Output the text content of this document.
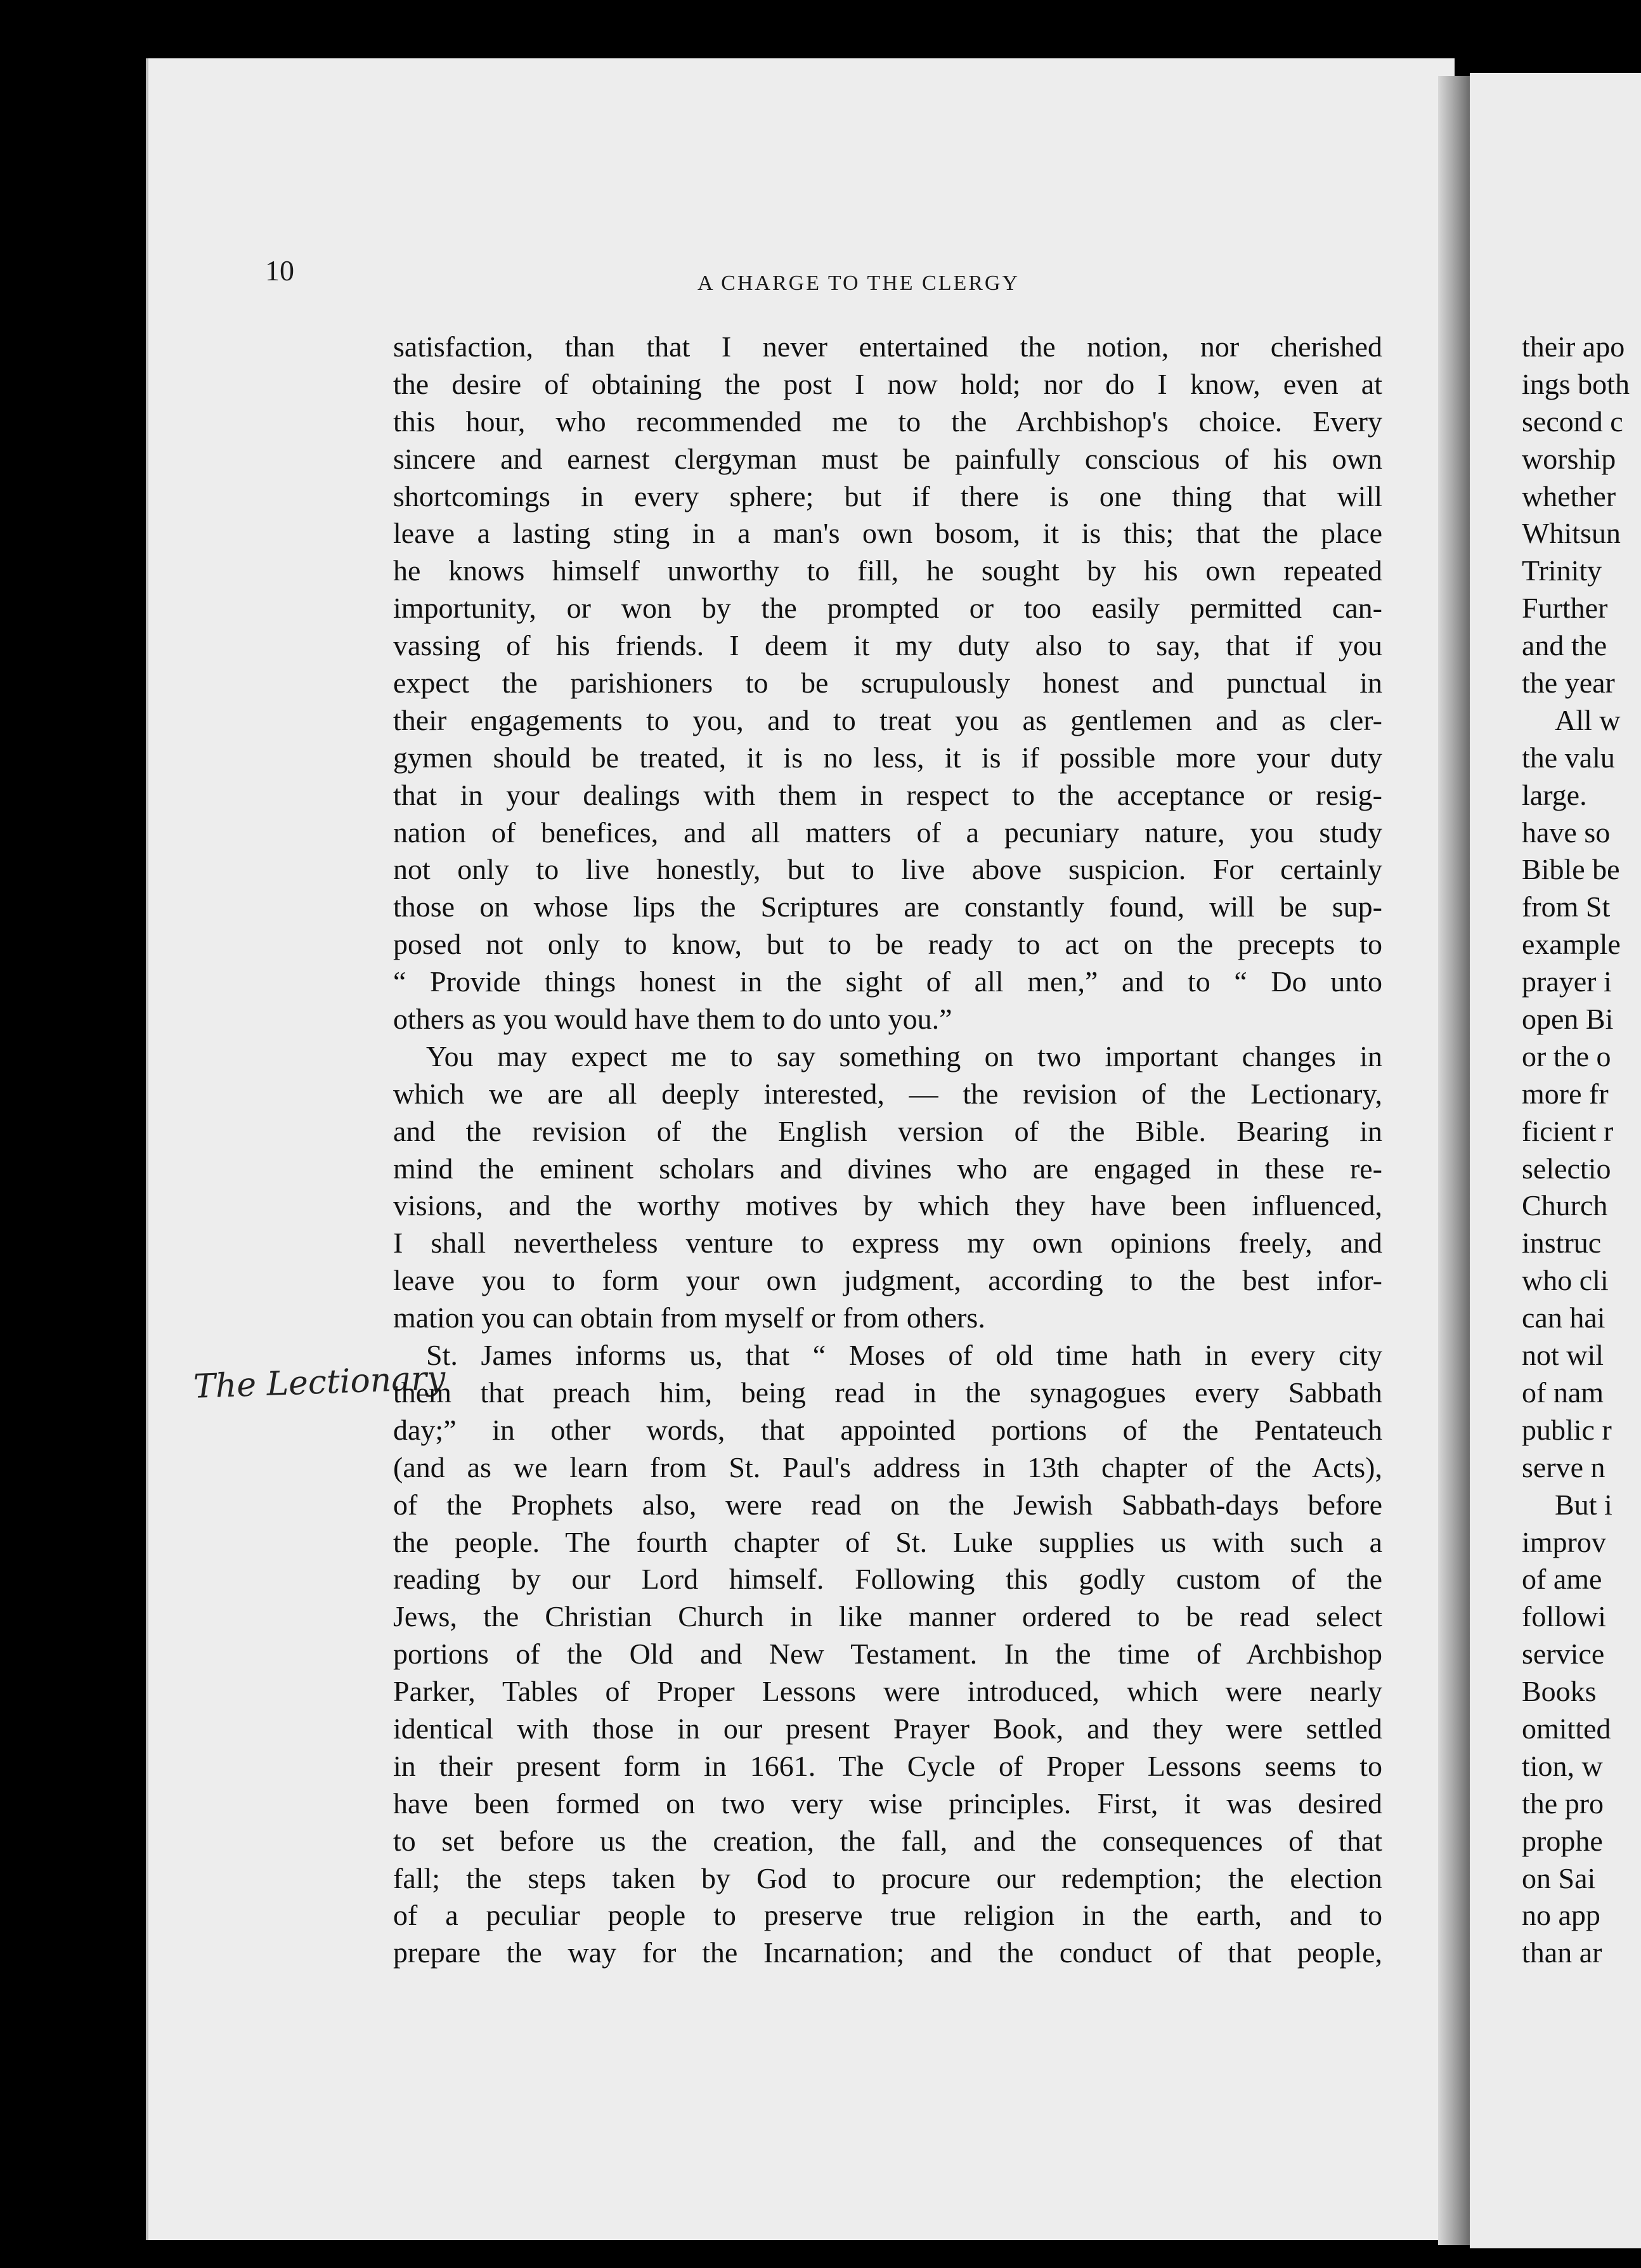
10	A CHARGE TO THE CLERGY
The Lectionary
satisfaction, than that I never entertained the notion, nor cherished
the desire of obtaining the post I now hold; nor do I know, even at
this hour, who recommended me to the Archbishop's choice. Every
sincere and earnest clergyman must be painfully conscious of his own
shortcomings in every sphere; but if there is one thing that will
leave a lasting sting in a man's own bosom, it is this; that the place
he knows himself unworthy to fill, he sought by his own repeated
importunity, or won by the prompted or too easily permitted can-
vassing of his friends. I deem it my duty also to say, that if you
expect the parishioners to be scrupulously honest and punctual in
their engagements to you, and to treat you as gentlemen and as cler-
gymen should be treated, it is no less, it is if possible more your duty
that in your dealings with them in respect to the acceptance or resig-
nation of benefices, and all matters of a pecuniary nature, you study
not only to live honestly, but to live above suspicion. For certainly
those on whose lips the Scriptures are constantly found, will be sup-
posed not only to know, but to be ready to act on the precepts to
“ Provide things honest in the sight of all men,” and to “ Do unto
others as you would have them to do unto you.”
You may expect me to say something on two important changes in
which we are all deeply interested, — the revision of the Lectionary,
and the revision of the English version of the Bible. Bearing in
mind the eminent scholars and divines who are engaged in these re-
visions, and the worthy motives by which they have been influenced,
I shall nevertheless venture to express my own opinions freely, and
leave you to form your own judgment, according to the best infor-
mation you can obtain from myself or from others.
St. James informs us, that “ Moses of old time hath in every city
them that preach him, being read in the synagogues every Sabbath
day;” in other words, that appointed portions of the Pentateuch
(and as we learn from St. Paul's address in 13th chapter of the Acts),
of the Prophets also, were read on the Jewish Sabbath-days before
the people. The fourth chapter of St. Luke supplies us with such a
reading by our Lord himself. Following this godly custom of the
Jews, the Christian Church in like manner ordered to be read select
portions of the Old and New Testament. In the time of Archbishop
Parker, Tables of Proper Lessons were introduced, which were nearly
identical with those in our present Prayer Book, and they were settled
in their present form in 1661. The Cycle of Proper Lessons seems to
have been formed on two very wise principles. First, it was desired
to set before us the creation, the fall, and the consequences of that
fall; the steps taken by God to procure our redemption; the election
of a peculiar people to preserve true religion in the earth, and to
prepare the way for the Incarnation; and the conduct of that people,
their apo
ings both
second c
worship
whether
Whitsun
Trinity
Further
and the
the year
All w
the valu
large.
have so
Bible be
from St
example
prayer i
open Bi
or the o
more fr
ficient r
selectio
Church
instruc
who cli
can hai
not wil
of nam
public r
serve n
But i
improv
of ame
followi
service
Books
omitted
tion, w
the pro
prophe
on Sai
no app
than ar
